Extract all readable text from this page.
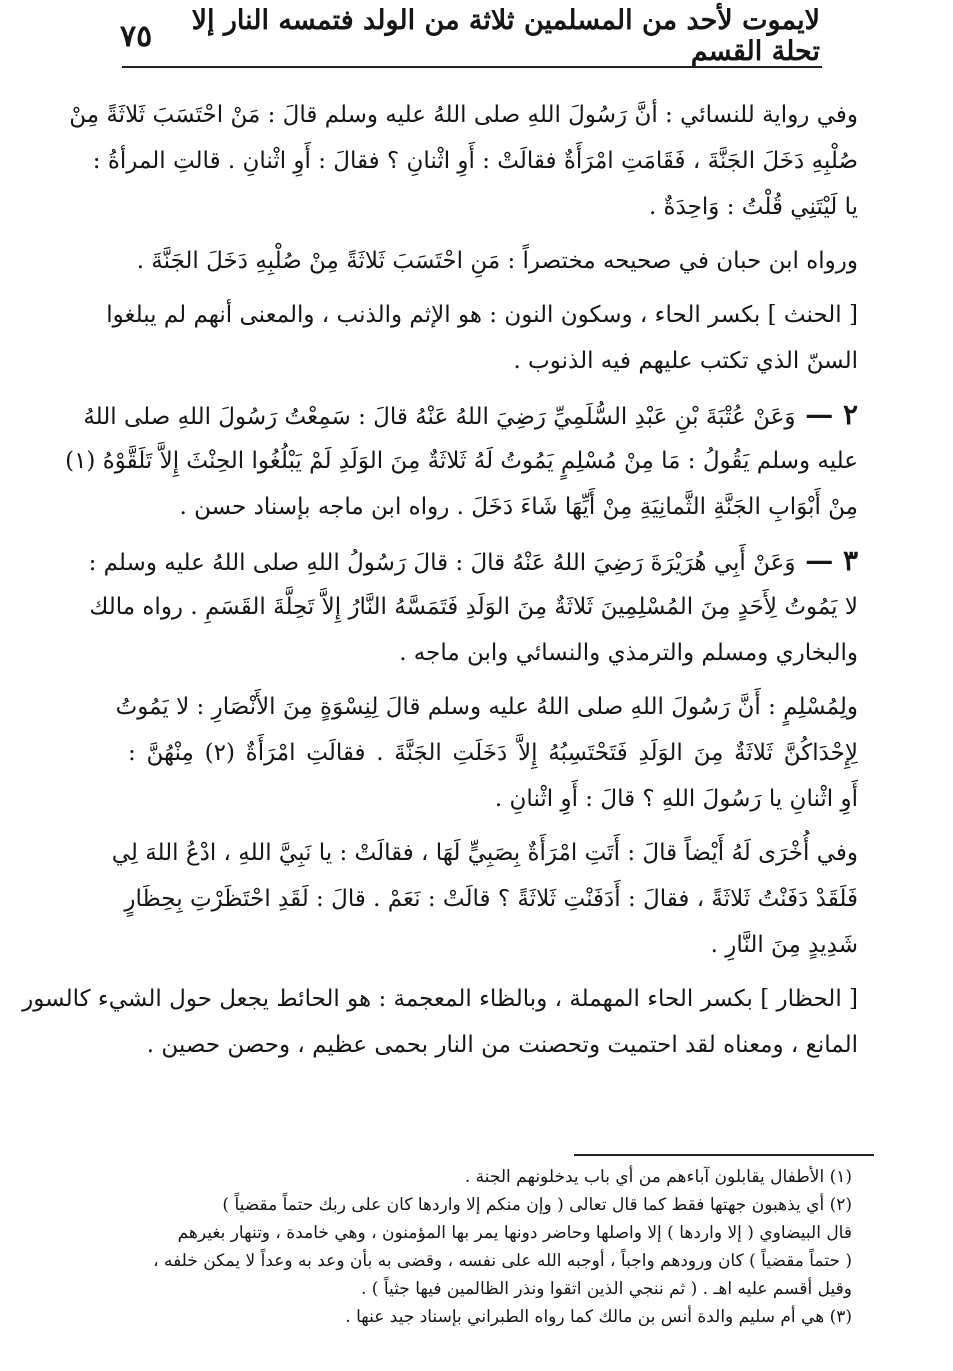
لايموت لأحد من المسلمين ثلاثة من الولد فتمسه النار إلا تحلة القسم
٧٥
وفي رواية للنسائي : أنَّ رَسُولَ اللهِ صلى اللهُ عليه وسلم قالَ : مَنْ احْتَسَبَ ثَلاثَةً مِنْ
صُلْبِهِ دَخَلَ الجَنَّةَ ، فَقَامَتِ امْرَأَةٌ فقالَتْ : أَوِ اثْنانِ ؟ فقالَ : أَوِ اثْنانِ . قالتِ المرأةُ :
يا لَيْتَنِي قُلْتُ : وَاحِدَةٌ .
ورواه ابن حبان في صحيحه مختصراً : مَنِ احْتَسَبَ ثَلاثَةً مِنْ صُلْبِهِ دَخَلَ الجَنَّةَ .
[ الحنث ] بكسر الحاء ، وسكون النون : هو الإثم والذنب ، والمعنى أنهم لم يبلغوا
السنّ الذي تكتب عليهم فيه الذنوب .
٢ — وَعَنْ عُتْبَةَ بْنِ عَبْدِ السُّلَمِيِّ رَضِيَ اللهُ عَنْهُ قالَ : سَمِعْتُ رَسُولَ اللهِ صلى اللهُ
عليه وسلم يَقُولُ : مَا مِنْ مُسْلِمٍ يَمُوتُ لَهُ ثَلاثَةٌ مِنَ الوَلَدِ لَمْ يَبْلُغُوا الحِنْثَ إِلاَّ تَلَقَّوْهُ (١)
مِنْ أَبْوَابِ الجَنَّةِ الثَّمانِيَةِ مِنْ أَيِّهَا شَاءَ دَخَلَ . رواه ابن ماجه بإسناد حسن .
٣ — وَعَنْ أَبِي هُرَيْرَةَ رَضِيَ اللهُ عَنْهُ قالَ : قالَ رَسُولُ اللهِ صلى اللهُ عليه وسلم :
لا يَمُوتُ لِأَحَدٍ مِنَ المُسْلِمِينَ ثَلاثَةٌ مِنَ الوَلَدِ فَتَمَسَّهُ النَّارُ إِلاَّ تَحِلَّةَ القَسَمِ . رواه مالك
والبخاري ومسلم والترمذي والنسائي وابن ماجه .
ولِمُسْلِمٍ : أَنَّ رَسُولَ اللهِ صلى اللهُ عليه وسلم قالَ لِنِسْوَةٍ مِنَ الأَنْصَارِ : لا يَمُوتُ
لِإِحْدَاكُنَّ ثَلاثَةٌ مِنَ الوَلَدِ فَتَحْتَسِبُهُ إِلاَّ دَخَلَتِ الجَنَّةَ . فقالَتِ امْرَأَةٌ (٢) مِنْهُنَّ :
أَوِ اثْنانِ يا رَسُولَ اللهِ ؟ قالَ : أَوِ اثْنانِ .
وفي أُخْرَى لَهُ أَيْضاً قالَ : أَتَتِ امْرَأَةٌ بِصَبِيٍّ لَهَا ، فقالَتْ : يا نَبِيَّ اللهِ ، ادْعُ اللهَ لِي
فَلَقَدْ دَفَنْتُ ثَلاثَةً ، فقالَ : أَدَفَنْتِ ثَلاثَةً ؟ قالَتْ : نَعَمْ . قالَ : لَقَدِ احْتَظَرْتِ بِحِظَارٍ
شَدِيدٍ مِنَ النَّارِ .
[ الحظار ] بكسر الحاء المهملة ، وبالظاء المعجمة : هو الحائط يجعل حول الشيء كالسور
المانع ، ومعناه لقد احتميت وتحصنت من النار بحمى عظيم ، وحصن حصين .
(١) الأطفال يقابلون آباءهم من أي باب يدخلونهم الجنة .
(٢) أي يذهبون جهتها فقط كما قال تعالى ( وإن منكم إلا واردها كان على ربك حتماً مقضياً )
قال البيضاوي ( إلا واردها ) إلا واصلها وحاضر دونها يمر بها المؤمنون ، وهي خامدة ، وتنهار بغيرهم
( حتماً مقضياً ) كان ورودهم واجباً ، أوجبه الله على نفسه ، وقضى به بأن وعد به وعداً لا يمكن خلفه ،
وقيل أقسم عليه اهـ . ( ثم ننجي الذين اتقوا ونذر الظالمين فيها جثياً ) .
(٣) هي أم سليم والدة أنس بن مالك كما رواه الطبراني بإسناد جيد عنها .
